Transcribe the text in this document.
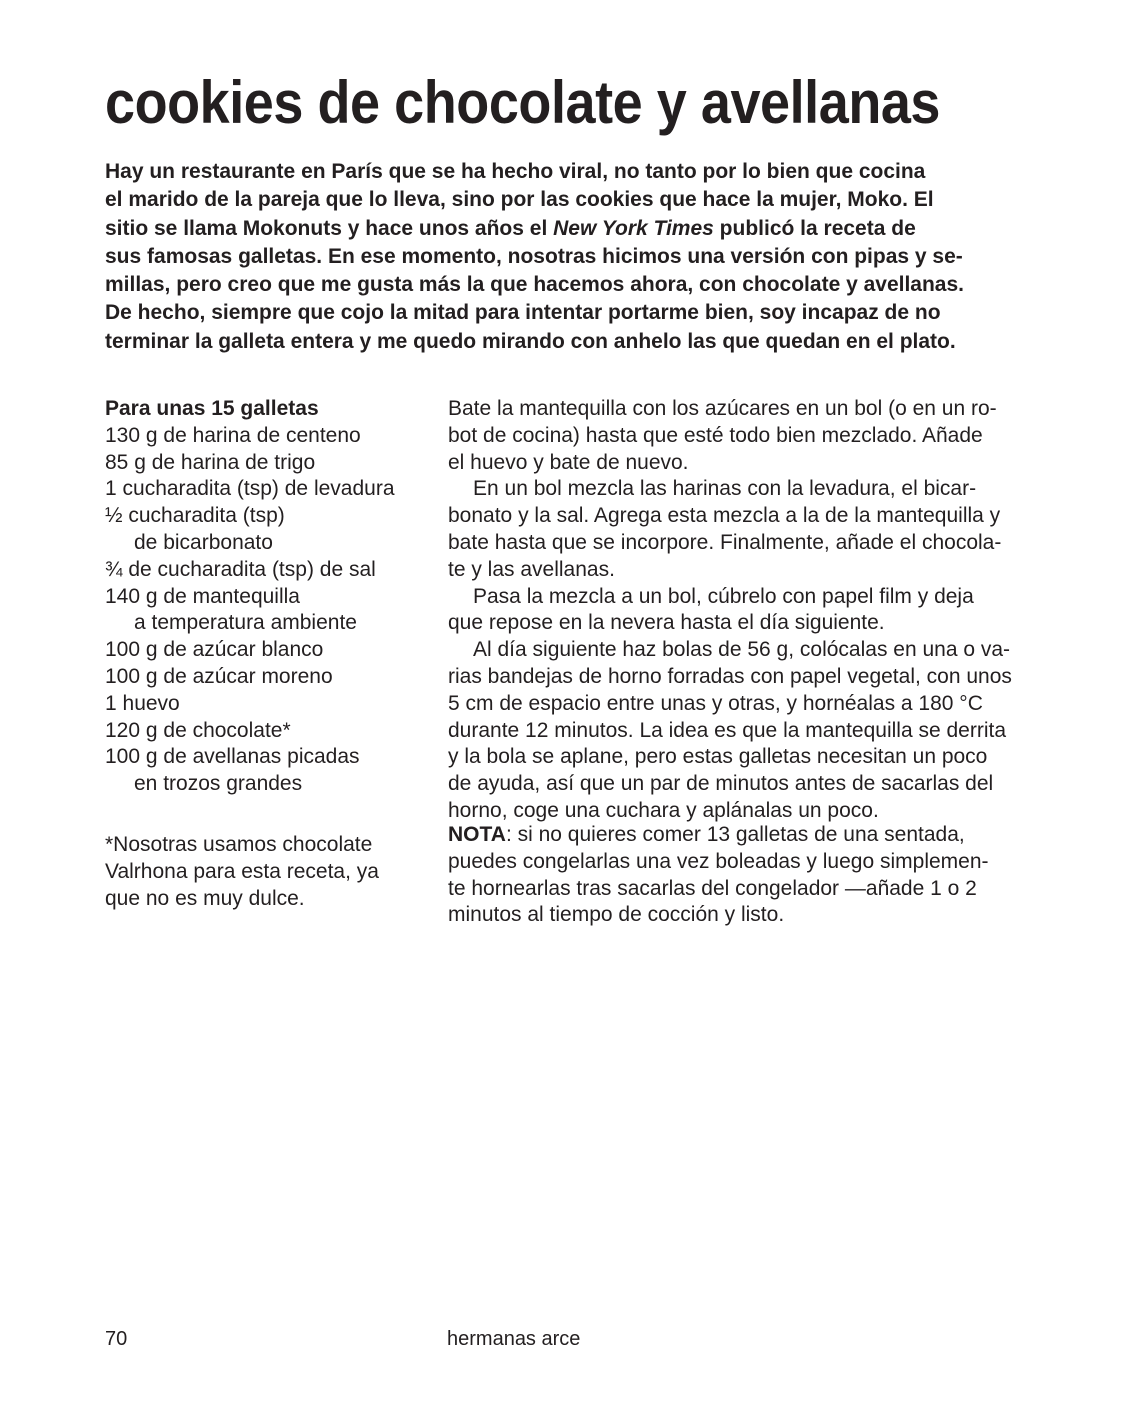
cookies de chocolate y avellanas
Hay un restaurante en París que se ha hecho viral, no tanto por lo bien que cocina
el marido de la pareja que lo lleva, sino por las cookies que hace la mujer, Moko. El
sitio se llama Mokonuts y hace unos años el New York Times publicó la receta de
sus famosas galletas. En ese momento, nosotras hicimos una versión con pipas y se-
millas, pero creo que me gusta más la que hacemos ahora, con chocolate y avellanas.
De hecho, siempre que cojo la mitad para intentar portarme bien, soy incapaz de no
terminar la galleta entera y me quedo mirando con anhelo las que quedan en el plato.
Para unas 15 galletas
130 g de harina de centeno
85 g de harina de trigo
1 cucharadita (tsp) de levadura
½ cucharadita (tsp)
de bicarbonato
¾ de cucharadita (tsp) de sal
140 g de mantequilla
a temperatura ambiente
100 g de azúcar blanco
100 g de azúcar moreno
1 huevo
120 g de chocolate*
100 g de avellanas picadas
en trozos grandes
*Nosotras usamos chocolate
Valrhona para esta receta, ya
que no es muy dulce.
Bate la mantequilla con los azúcares en un bol (o en un ro-
bot de cocina) hasta que esté todo bien mezclado. Añade
el huevo y bate de nuevo.
En un bol mezcla las harinas con la levadura, el bicar-
bonato y la sal. Agrega esta mezcla a la de la mantequilla y
bate hasta que se incorpore. Finalmente, añade el chocola-
te y las avellanas.
Pasa la mezcla a un bol, cúbrelo con papel film y deja
que repose en la nevera hasta el día siguiente.
Al día siguiente haz bolas de 56 g, colócalas en una o va-
rias bandejas de horno forradas con papel vegetal, con unos
5 cm de espacio entre unas y otras, y hornéalas a 180 °C
durante 12 minutos. La idea es que la mantequilla se derrita
y la bola se aplane, pero estas galletas necesitan un poco
de ayuda, así que un par de minutos antes de sacarlas del
horno, coge una cuchara y aplánalas un poco.
NOTA: si no quieres comer 13 galletas de una sentada,
puedes congelarlas una vez boleadas y luego simplemen-
te hornearlas tras sacarlas del congelador —añade 1 o 2
minutos al tiempo de cocción y listo.
70	hermanas arce
